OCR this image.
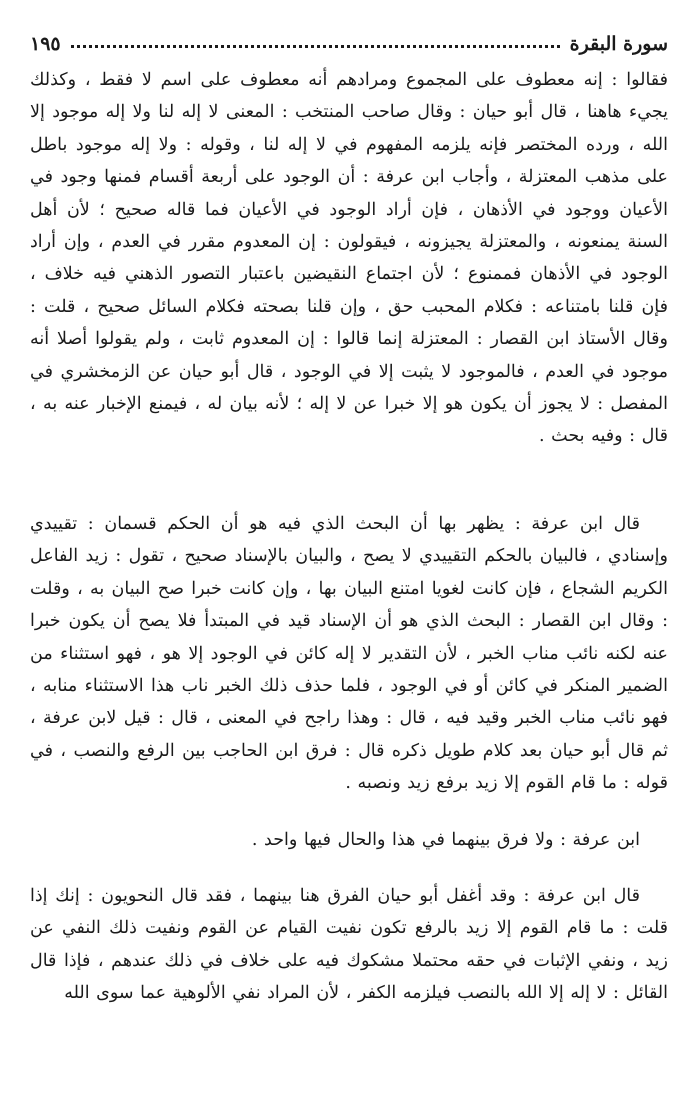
سورة البقرة
١٩٥

فقالوا : إنه معطوف على المجموع ومرادهم أنه معطوف على اسم لا فقط ، وكذلك يجيء هاهنا ، قال أبو حيان : وقال صاحب المنتخب : المعنى لا إله لنا ولا إله موجود إلا الله ، ورده المختصر فإنه يلزمه المفهوم في لا إله لنا ، وقوله : ولا إله موجود باطل على مذهب المعتزلة ، وأجاب ابن عرفة : أن الوجود على أربعة أقسام فمنها وجود في الأعيان ووجود في الأذهان ، فإن أراد الوجود في الأعيان فما قاله صحيح ؛ لأن أهل السنة يمنعونه ، والمعتزلة يجيزونه ، فيقولون : إن المعدوم مقرر في العدم ، وإن أراد الوجود في الأذهان فممنوع ؛ لأن اجتماع النقيضين باعتبار التصور الذهني فيه خلاف ، فإن قلنا بامتناعه : فكلام المحبب حق ، وإن قلنا بصحته فكلام السائل صحيح ، قلت : وقال الأستاذ ابن القصار : المعتزلة إنما قالوا : إن المعدوم ثابت ، ولم يقولوا أصلا أنه موجود في العدم ، فالموجود لا يثبت إلا في الوجود ، قال أبو حيان عن الزمخشري في المفصل : لا يجوز أن يكون هو إلا خبرا عن لا إله ؛ لأنه بيان له ، فيمنع الإخبار عنه به ، قال : وفيه بحث .

قال ابن عرفة : يظهر بها أن البحث الذي فيه هو أن الحكم قسمان : تقييدي وإسنادي ، فالبيان بالحكم التقييدي لا يصح ، والبيان بالإسناد صحيح ، تقول : زيد الفاعل الكريم الشجاع ، فإن كانت لغويا امتنع البيان بها ، وإن كانت خبرا صح البيان به ، وقلت : وقال ابن القصار : البحث الذي هو أن الإسناد قيد في المبتدأ فلا يصح أن يكون خبرا عنه لكنه نائب مناب الخبر ، لأن التقدير لا إله كائن في الوجود إلا هو ، فهو استثناء من الضمير المنكر في كائن أو في الوجود ، فلما حذف ذلك الخبر ناب هذا الاستثناء منابه ، فهو نائب مناب الخبر وقيد فيه ، قال : وهذا راجح في المعنى ، قال : قيل لابن عرفة ، ثم قال أبو حيان بعد كلام طويل ذكره قال : فرق ابن الحاجب بين الرفع والنصب ، في قوله : ما قام القوم إلا زيد برفع زيد ونصبه .

ابن عرفة : ولا فرق بينهما في هذا والحال فيها واحد .

قال ابن عرفة : وقد أغفل أبو حيان الفرق هنا بينهما ، فقد قال النحويون : إنك إذا قلت : ما قام القوم إلا زيد بالرفع تكون نفيت القيام عن القوم ونفيت ذلك النفي عن زيد ، ونفي الإثبات في حقه محتملا مشكوك فيه على خلاف في ذلك عندهم ، فإذا قال القائل : لا إله إلا الله بالنصب فيلزمه الكفر ، لأن المراد نفي الألوهية عما سوى الله
